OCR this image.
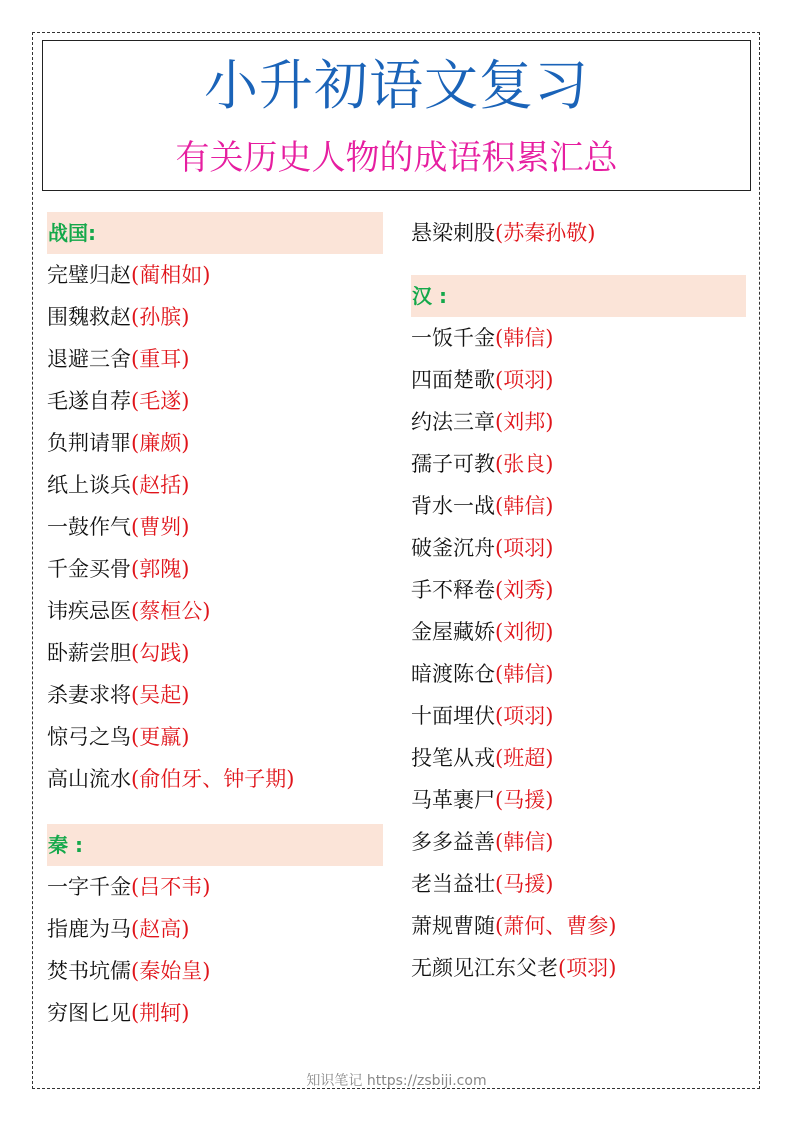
小升初语文复习
有关历史人物的成语积累汇总
战国:
完璧归赵(蔺相如)
围魏救赵(孙膑)
退避三舍(重耳)
毛遂自荐(毛遂)
负荆请罪(廉颇)
纸上谈兵(赵括)
一鼓作气(曹刿)
千金买骨(郭隗)
讳疾忌医(蔡桓公)
卧薪尝胆(勾践)
杀妻求将(吴起)
惊弓之鸟(更羸)
高山流水(俞伯牙、钟子期)
秦 :
一字千金(吕不韦)
指鹿为马(赵高)
焚书坑儒(秦始皇)
穷图匕见(荆轲)
悬梁刺股(苏秦孙敬)
汉 :
一饭千金(韩信)
四面楚歌(项羽)
约法三章(刘邦)
孺子可教(张良)
背水一战(韩信)
破釜沉舟(项羽)
手不释卷(刘秀)
金屋藏娇(刘彻)
暗渡陈仓(韩信)
十面埋伏(项羽)
投笔从戎(班超)
马革裹尸(马援)
多多益善(韩信)
老当益壮(马援)
萧规曹随(萧何、曹参)
无颜见江东父老(项羽)
知识笔记 https://zsbiji.com
